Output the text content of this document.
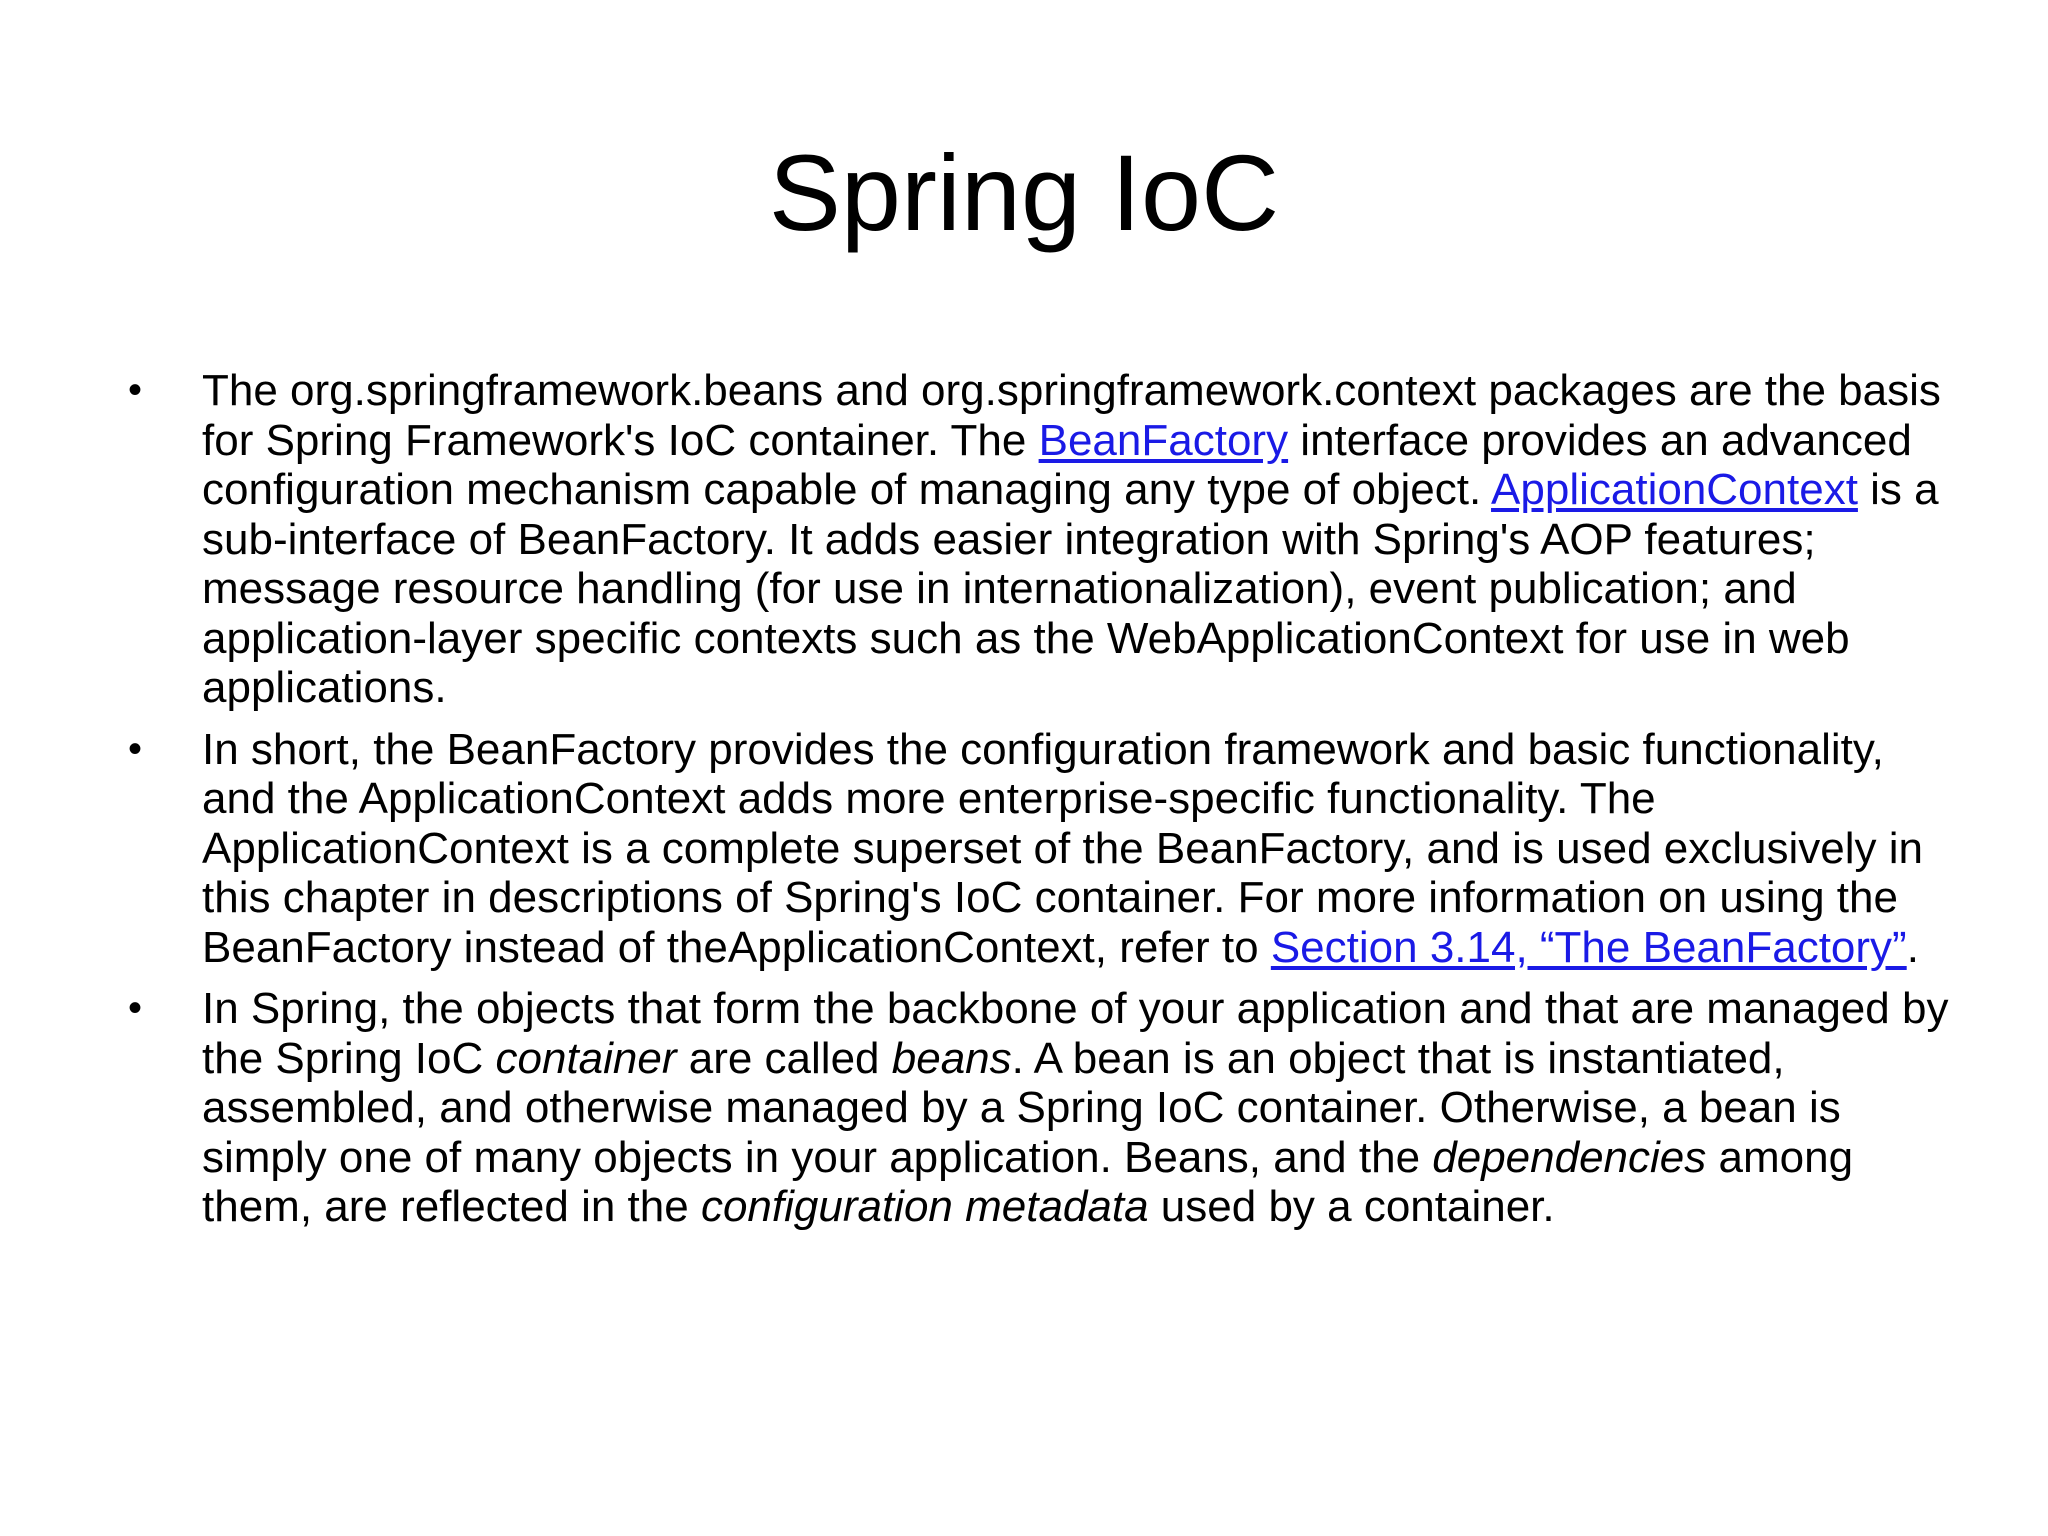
Spring IoC
• The org.springframework.beans and org.springframework.context packages are the basis for Spring Framework's IoC container. The BeanFactory interface provides an advanced configuration mechanism capable of managing any type of object. ApplicationContext is a sub-interface of BeanFactory. It adds easier integration with Spring's AOP features; message resource handling (for use in internationalization), event publication; and application-layer specific contexts such as the WebApplicationContext for use in web applications.
• In short, the BeanFactory provides the configuration framework and basic functionality, and the ApplicationContext adds more enterprise-specific functionality. The ApplicationContext is a complete superset of the BeanFactory, and is used exclusively in this chapter in descriptions of Spring's IoC container. For more information on using the BeanFactory instead of theApplicationContext, refer to Section 3.14, “The BeanFactory”.
• In Spring, the objects that form the backbone of your application and that are managed by the Spring IoC container are called beans. A bean is an object that is instantiated, assembled, and otherwise managed by a Spring IoC container. Otherwise, a bean is simply one of many objects in your application. Beans, and the dependencies among them, are reflected in the configuration metadata used by a container.
